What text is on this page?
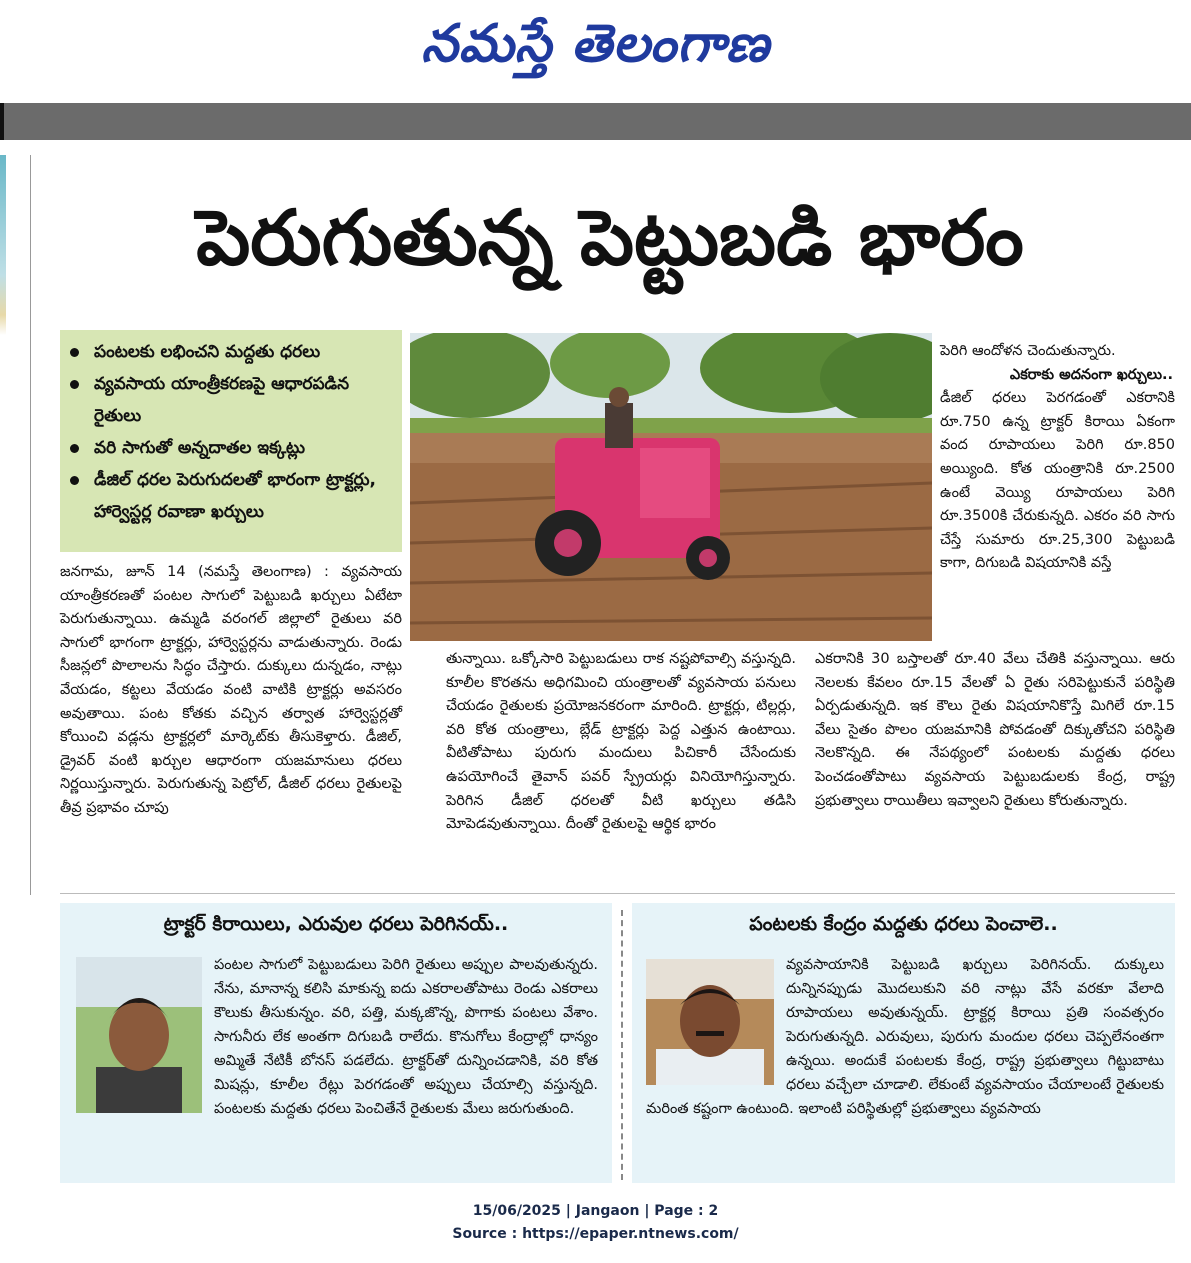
నమస్తే తెలంగాణ
పెరుగుతున్న పెట్టుబడి భారం
పంటలకు లభించని మద్దతు ధరలు
వ్యవసాయ యాంత్రీకరణపై ఆధారపడిన రైతులు
వరి సాగుతో అన్నదాతల ఇక్కట్లు
డీజిల్ ధరల పెరుగుదలతో భారంగా ట్రాక్టర్లు, హార్వెస్టర్ల రవాణా ఖర్చులు
జనగామ, జూన్ 14 (నమస్తే తెలంగాణ) : వ్యవసాయ యాంత్రీకరణతో పంటల సాగులో పెట్టుబడి ఖర్చులు ఏటేటా పెరుగుతున్నాయి. ఉమ్మడి వరంగల్ జిల్లాలో రైతులు వరి సాగులో భాగంగా ట్రాక్టర్లు, హార్వెస్టర్లను వాడుతున్నారు. రెండు సీజన్లలో పొలాలను సిద్ధం చేస్తారు. దుక్కులు దున్నడం, నాట్లు వేయడం, కట్టలు వేయడం వంటి వాటికి ట్రాక్టర్లు అవసరం అవుతాయి. పంట కోతకు వచ్చిన తర్వాత హార్వెస్టర్లతో కోయించి వడ్లను ట్రాక్టర్లలో మార్కెట్‌కు తీసుకెళ్తారు. డీజిల్, డ్రైవర్ వంటి ఖర్చుల ఆధారంగా యజమానులు ధరలు నిర్ణయిస్తున్నారు. పెరుగుతున్న పెట్రోల్, డీజిల్ ధరలు రైతులపై తీవ్ర ప్రభావం చూపు
పెరిగి ఆందోళన చెందుతున్నారు.
ఎకరాకు అదనంగా ఖర్చులు..
డీజిల్ ధరలు పెరగడంతో ఎకరానికి రూ.750 ఉన్న ట్రాక్టర్ కిరాయి ఏకంగా వంద రూపాయలు పెరిగి రూ.850 అయ్యింది. కోత యంత్రానికి రూ.2500 ఉంటే వెయ్యి రూపాయలు పెరిగి రూ.3500కి చేరుకున్నది. ఎకరం వరి సాగు చేస్తే సుమారు రూ.25,300 పెట్టుబడి కాగా, దిగుబడి విషయానికి వస్తే
తున్నాయి. ఒక్కోసారి పెట్టుబడులు రాక నష్టపోవాల్సి వస్తున్నది. కూలీల కొరతను అధిగమించి యంత్రాలతో వ్యవసాయ పనులు చేయడం రైతులకు ప్రయోజనకరంగా మారింది. ట్రాక్టర్లు, టిల్లర్లు, వరి కోత యంత్రాలు, బ్లేడ్ ట్రాక్టర్లు పెద్ద ఎత్తున ఉంటాయి. వీటితోపాటు పురుగు మందులు పిచికారీ చేసేందుకు ఉపయోగించే తైవాన్ పవర్ స్ప్రేయర్లు వినియోగిస్తున్నారు. పెరిగిన డీజిల్ ధరలతో వీటి ఖర్చులు తడిసి మోపెడవుతున్నాయి. దీంతో రైతులపై ఆర్థిక భారం
ఎకరానికి 30 బస్తాలతో రూ.40 వేలు చేతికి వస్తున్నాయి. ఆరు నెలలకు కేవలం రూ.15 వేలతో ఏ రైతు సరిపెట్టుకునే పరిస్థితి ఏర్పడుతున్నది. ఇక కౌలు రైతు విషయానికొస్తే మిగిలే రూ.15 వేలు సైతం పొలం యజమానికి పోవడంతో దిక్కుతోచని పరిస్థితి నెలకొన్నది. ఈ నేపథ్యంలో పంటలకు మద్దతు ధరలు పెంచడంతోపాటు వ్యవసాయ పెట్టుబడులకు కేంద్ర, రాష్ట్ర ప్రభుత్వాలు రాయితీలు ఇవ్వాలని రైతులు కోరుతున్నారు.
ట్రాక్టర్ కిరాయిలు, ఎరువుల ధరలు పెరిగినయ్..
పంటల సాగులో పెట్టుబడులు పెరిగి రైతులు అప్పుల పాలవుతున్నరు. నేను, మానాన్న కలిసి మాకున్న ఐదు ఎకరాలతోపాటు రెండు ఎకరాలు కౌలుకు తీసుకున్నం. వరి, పత్తి, మక్కజొన్న, పొగాకు పంటలు వేశాం. సాగునీరు లేక అంతగా దిగుబడి రాలేదు. కొనుగోలు కేంద్రాల్లో ధాన్యం అమ్మితే నేటికీ బోనస్ పడలేదు. ట్రాక్టర్‌తో దున్నించడానికి, వరి కోత మిషన్లు, కూలీల రేట్లు పెరగడంతో అప్పులు చేయాల్సి వస్తున్నది. పంటలకు మద్దతు ధరలు పెంచితేనే రైతులకు మేలు జరుగుతుంది.
పంటలకు కేంద్రం మద్దతు ధరలు పెంచాలె..
వ్యవసాయానికి పెట్టుబడి ఖర్చులు పెరిగినయ్. దుక్కులు దున్నినప్పుడు మొదలుకుని వరి నాట్లు వేసే వరకూ వేలాది రూపాయలు అవుతున్నయ్. ట్రాక్టర్ల కిరాయి ప్రతి సంవత్సరం పెరుగుతున్నది. ఎరువులు, పురుగు మందుల ధరలు చెప్పలేనంతగా ఉన్నయి. అందుకే పంటలకు కేంద్ర, రాష్ట్ర ప్రభుత్వాలు గిట్టుబాటు ధరలు వచ్చేలా చూడాలి. లేకుంటే వ్యవసాయం చేయాలంటే రైతులకు మరింత కష్టంగా ఉంటుంది. ఇలాంటి పరిస్థితుల్లో ప్రభుత్వాలు వ్యవసాయ
15/06/2025 | Jangaon | Page : 2
Source : https://epaper.ntnews.com/
